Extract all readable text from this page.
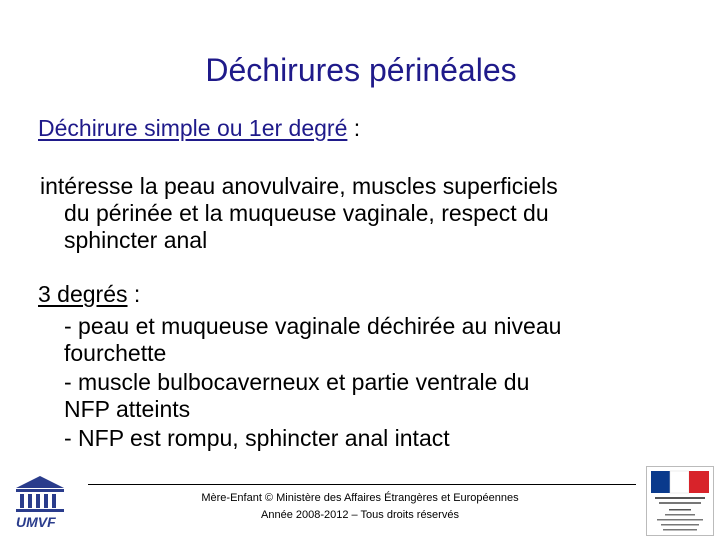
Déchirures périnéales
Déchirure simple ou 1er degré :
intéresse la peau anovulvaire, muscles superficiels
du périnée et la muqueuse vaginale, respect du
sphincter anal
3 degrés :
- peau et muqueuse vaginale déchirée au niveau
fourchette
- muscle bulbocaverneux et partie ventrale du
NFP atteints
- NFP est rompu, sphincter anal intact
Mère-Enfant © Ministère des Affaires Étrangères et Européennes
Année 2008-2012 – Tous droits réservés
UMVF
